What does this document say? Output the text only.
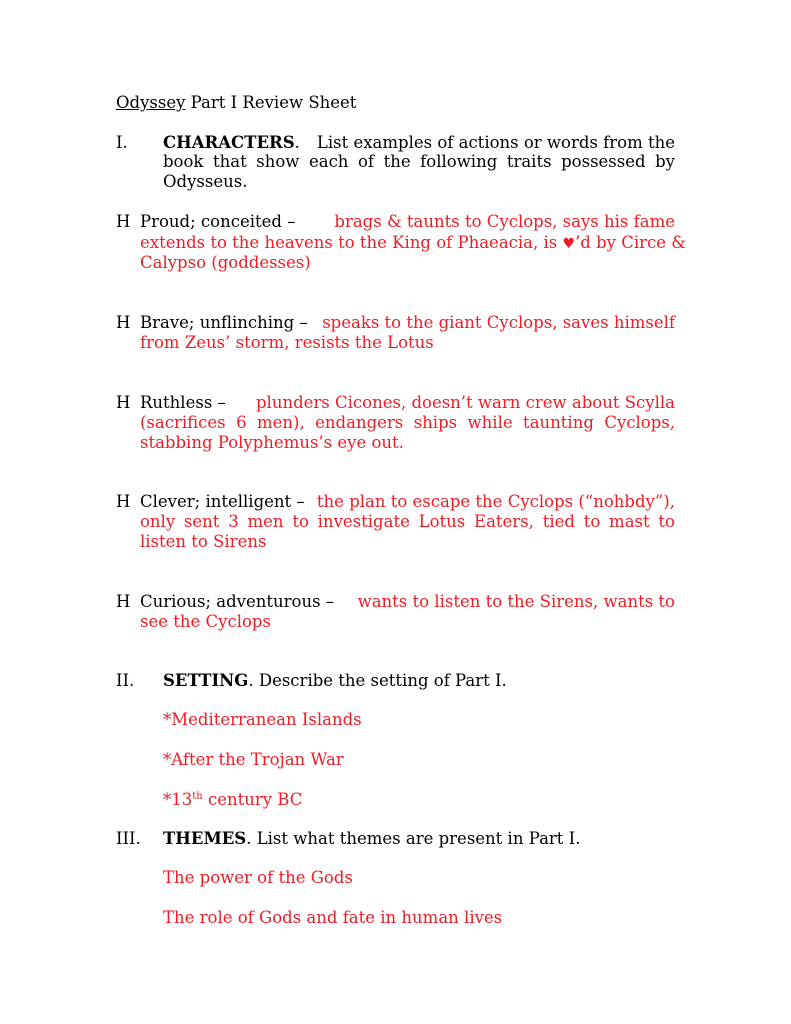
Odyssey Part I Review Sheet
I. CHARACTERS. List examples of actions or words from the
book that show each of the following traits possessed by
Odysseus.
H Proud; conceited – brags & taunts to Cyclops, says his fame
extends to the heavens to the King of Phaeacia, is ♥’d by Circe &
Calypso (goddesses)
H Brave; unflinching – speaks to the giant Cyclops, saves himself
from Zeus’ storm, resists the Lotus
H Ruthless – plunders Cicones, doesn’t warn crew about Scylla
(sacrifices 6 men), endangers ships while taunting Cyclops,
stabbing Polyphemus’s eye out.
H Clever; intelligent – the plan to escape the Cyclops (“nohbdy”),
only sent 3 men to investigate Lotus Eaters, tied to mast to
listen to Sirens
H Curious; adventurous – wants to listen to the Sirens, wants to
see the Cyclops
II. SETTING. Describe the setting of Part I.
*Mediterranean Islands
*After the Trojan War
*13th century BC
III. THEMES. List what themes are present in Part I.
The power of the Gods
The role of Gods and fate in human lives
